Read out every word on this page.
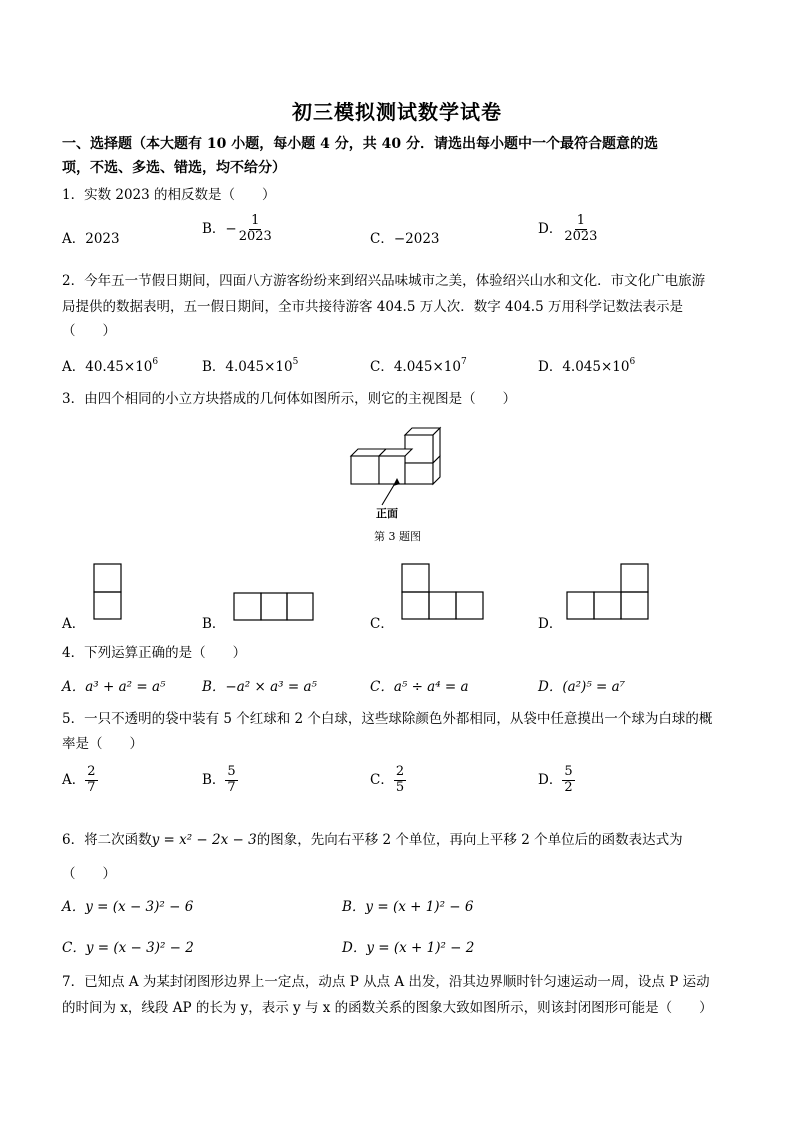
初三模拟测试数学试卷
一、选择题（本大题有 10 小题，每小题 4 分，共 40 分．请选出每小题中一个最符合题意的选
项，不选、多选、错选，均不给分）
1．实数 2023 的相反数是（　　）
A．2023
B．− $\frac{1}{2023}$	C．−2023
D． $\frac{1}{2023}$
2．今年五一节假日期间，四面八方游客纷纷来到绍兴品味城市之美，体验绍兴山水和文化．市文化广电旅游
局提供的数据表明，五一假日期间，全市共接待游客 404.5 万人次．数字 404.5 万用科学记数法表示是
（　　）
A．$40.45\times 10^6$	B．$4.045\times 10^5$	C．$4.045\times 10^7$	D．$4.045\times 10^6$
3．由四个相同的小立方块搭成的几何体如图所示，则它的主视图是（　　）
正面
第 3 题图
A．	B．	C．	D．
4．下列运算正确的是（　　）
A．a³ + a² = a⁵	B．−a² × a³ = a⁵	C．a⁵ ÷ a⁴ = a	D．(a²)⁵ = a⁷
5．一只不透明的袋中装有 5 个红球和 2 个白球，这些球除颜色外都相同，从袋中任意摸出一个球为白球的概
率是（　　）
A． $\frac{2}{7}$	B． $\frac{5}{7}$	C． $\frac{2}{5}$	D． $\frac{5}{2}$
6．将二次函数y = x² − 2x − 3的图象，先向右平移 2 个单位，再向上平移 2 个单位后的函数表达式为
（　　）
A．y = (x − 3)² − 6	B．y = (x + 1)² − 6
C．y = (x − 3)² − 2	D．y = (x + 1)² − 2
7．已知点 A 为某封闭图形边界上一定点，动点 P 从点 A 出发，沿其边界顺时针匀速运动一周，设点 P 运动
的时间为 x，线段 AP 的长为 y，表示 y 与 x 的函数关系的图象大致如图所示，则该封闭图形可能是（　　）
